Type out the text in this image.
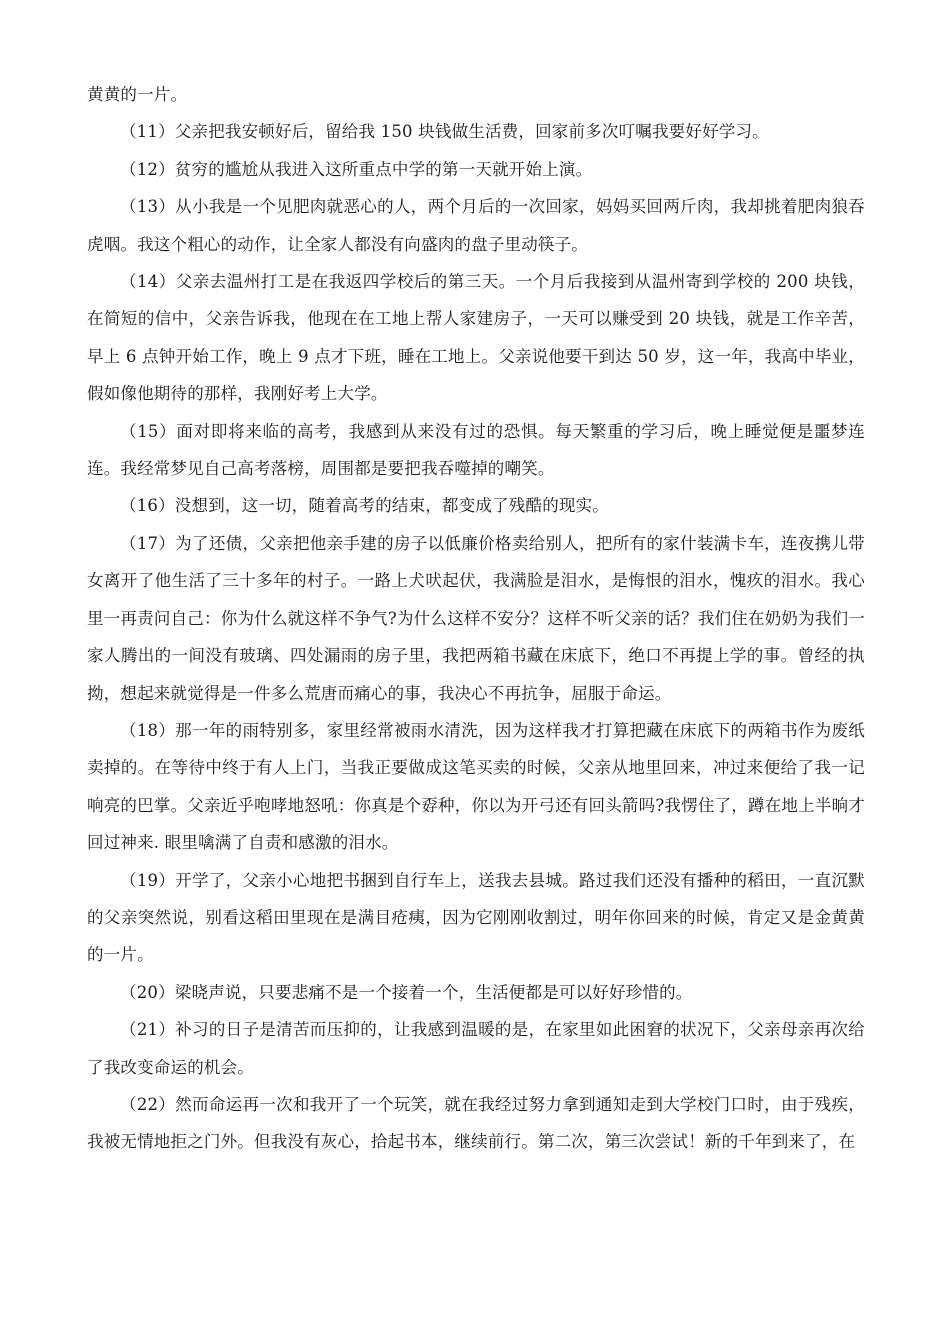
黄黄的一片。

（11）父亲把我安顿好后，留给我 150 块钱做生活费，回家前多次叮嘱我要好好学习。

（12）贫穷的尴尬从我进入这所重点中学的第一天就开始上演。

（13）从小我是一个见肥肉就恶心的人，两个月后的一次回家，妈妈买回两斤肉，我却挑着肥肉狼吞虎咽。我这个粗心的动作，让全家人都没有向盛肉的盘子里动筷子。

（14）父亲去温州打工是在我返四学校后的第三天。一个月后我接到从温州寄到学校的 200 块钱，在简短的信中，父亲告诉我，他现在在工地上帮人家建房子，一天可以赚受到 20 块钱，就是工作辛苦，早上 6 点钟开始工作，晚上 9 点才下班，睡在工地上。父亲说他要干到达 50 岁，这一年，我高中毕业，假如像他期待的那样，我刚好考上大学。

（15）面对即将来临的高考，我感到从来没有过的恐惧。每天繁重的学习后，晚上睡觉便是噩梦连连。我经常梦见自己高考落榜，周围都是要把我吞噬掉的嘲笑。

（16）没想到，这一切，随着高考的结束，都变成了残酷的现实。

（17）为了还债，父亲把他亲手建的房子以低廉价格卖给别人，把所有的家什装满卡车，连夜携儿带女离开了他生活了三十多年的村子。一路上犬吠起伏，我满脸是泪水，是悔恨的泪水，愧疚的泪水。我心里一再责问自己：你为什么就这样不争气?为什么这样不安分？这样不听父亲的话？我们住在奶奶为我们一家人腾出的一间没有玻璃、四处漏雨的房子里，我把两箱书藏在床底下，绝口不再提上学的事。曾经的执拗，想起来就觉得是一件多么荒唐而痛心的事，我决心不再抗争，屈服于命运。

（18）那一年的雨特别多，家里经常被雨水清洗，因为这样我才打算把藏在床底下的两箱书作为废纸卖掉的。在等待中终于有人上门，当我正要做成这笔买卖的时候，父亲从地里回来，冲过来便给了我一记响亮的巴掌。父亲近乎咆哮地怒吼：你真是个孬种，你以为开弓还有回头箭吗?我愣住了，蹲在地上半晌才回过神来. 眼里噙满了自责和感激的泪水。

（19）开学了，父亲小心地把书捆到自行车上，送我去县城。路过我们还没有播种的稻田，一直沉默的父亲突然说，别看这稻田里现在是满目疮痍，因为它刚刚收割过，明年你回来的时候，肯定又是金黄黄的一片。

（20）梁晓声说，只要悲痛不是一个接着一个，生活便都是可以好好珍惜的。

（21）补习的日子是清苦而压抑的，让我感到温暖的是，在家里如此困窘的状况下，父亲母亲再次给了我改变命运的机会。

（22）然而命运再一次和我开了一个玩笑，就在我经过努力拿到通知走到大学校门口时，由于残疾，我被无情地拒之门外。但我没有灰心，拾起书本，继续前行。第二次，第三次尝试！新的千年到来了，在
